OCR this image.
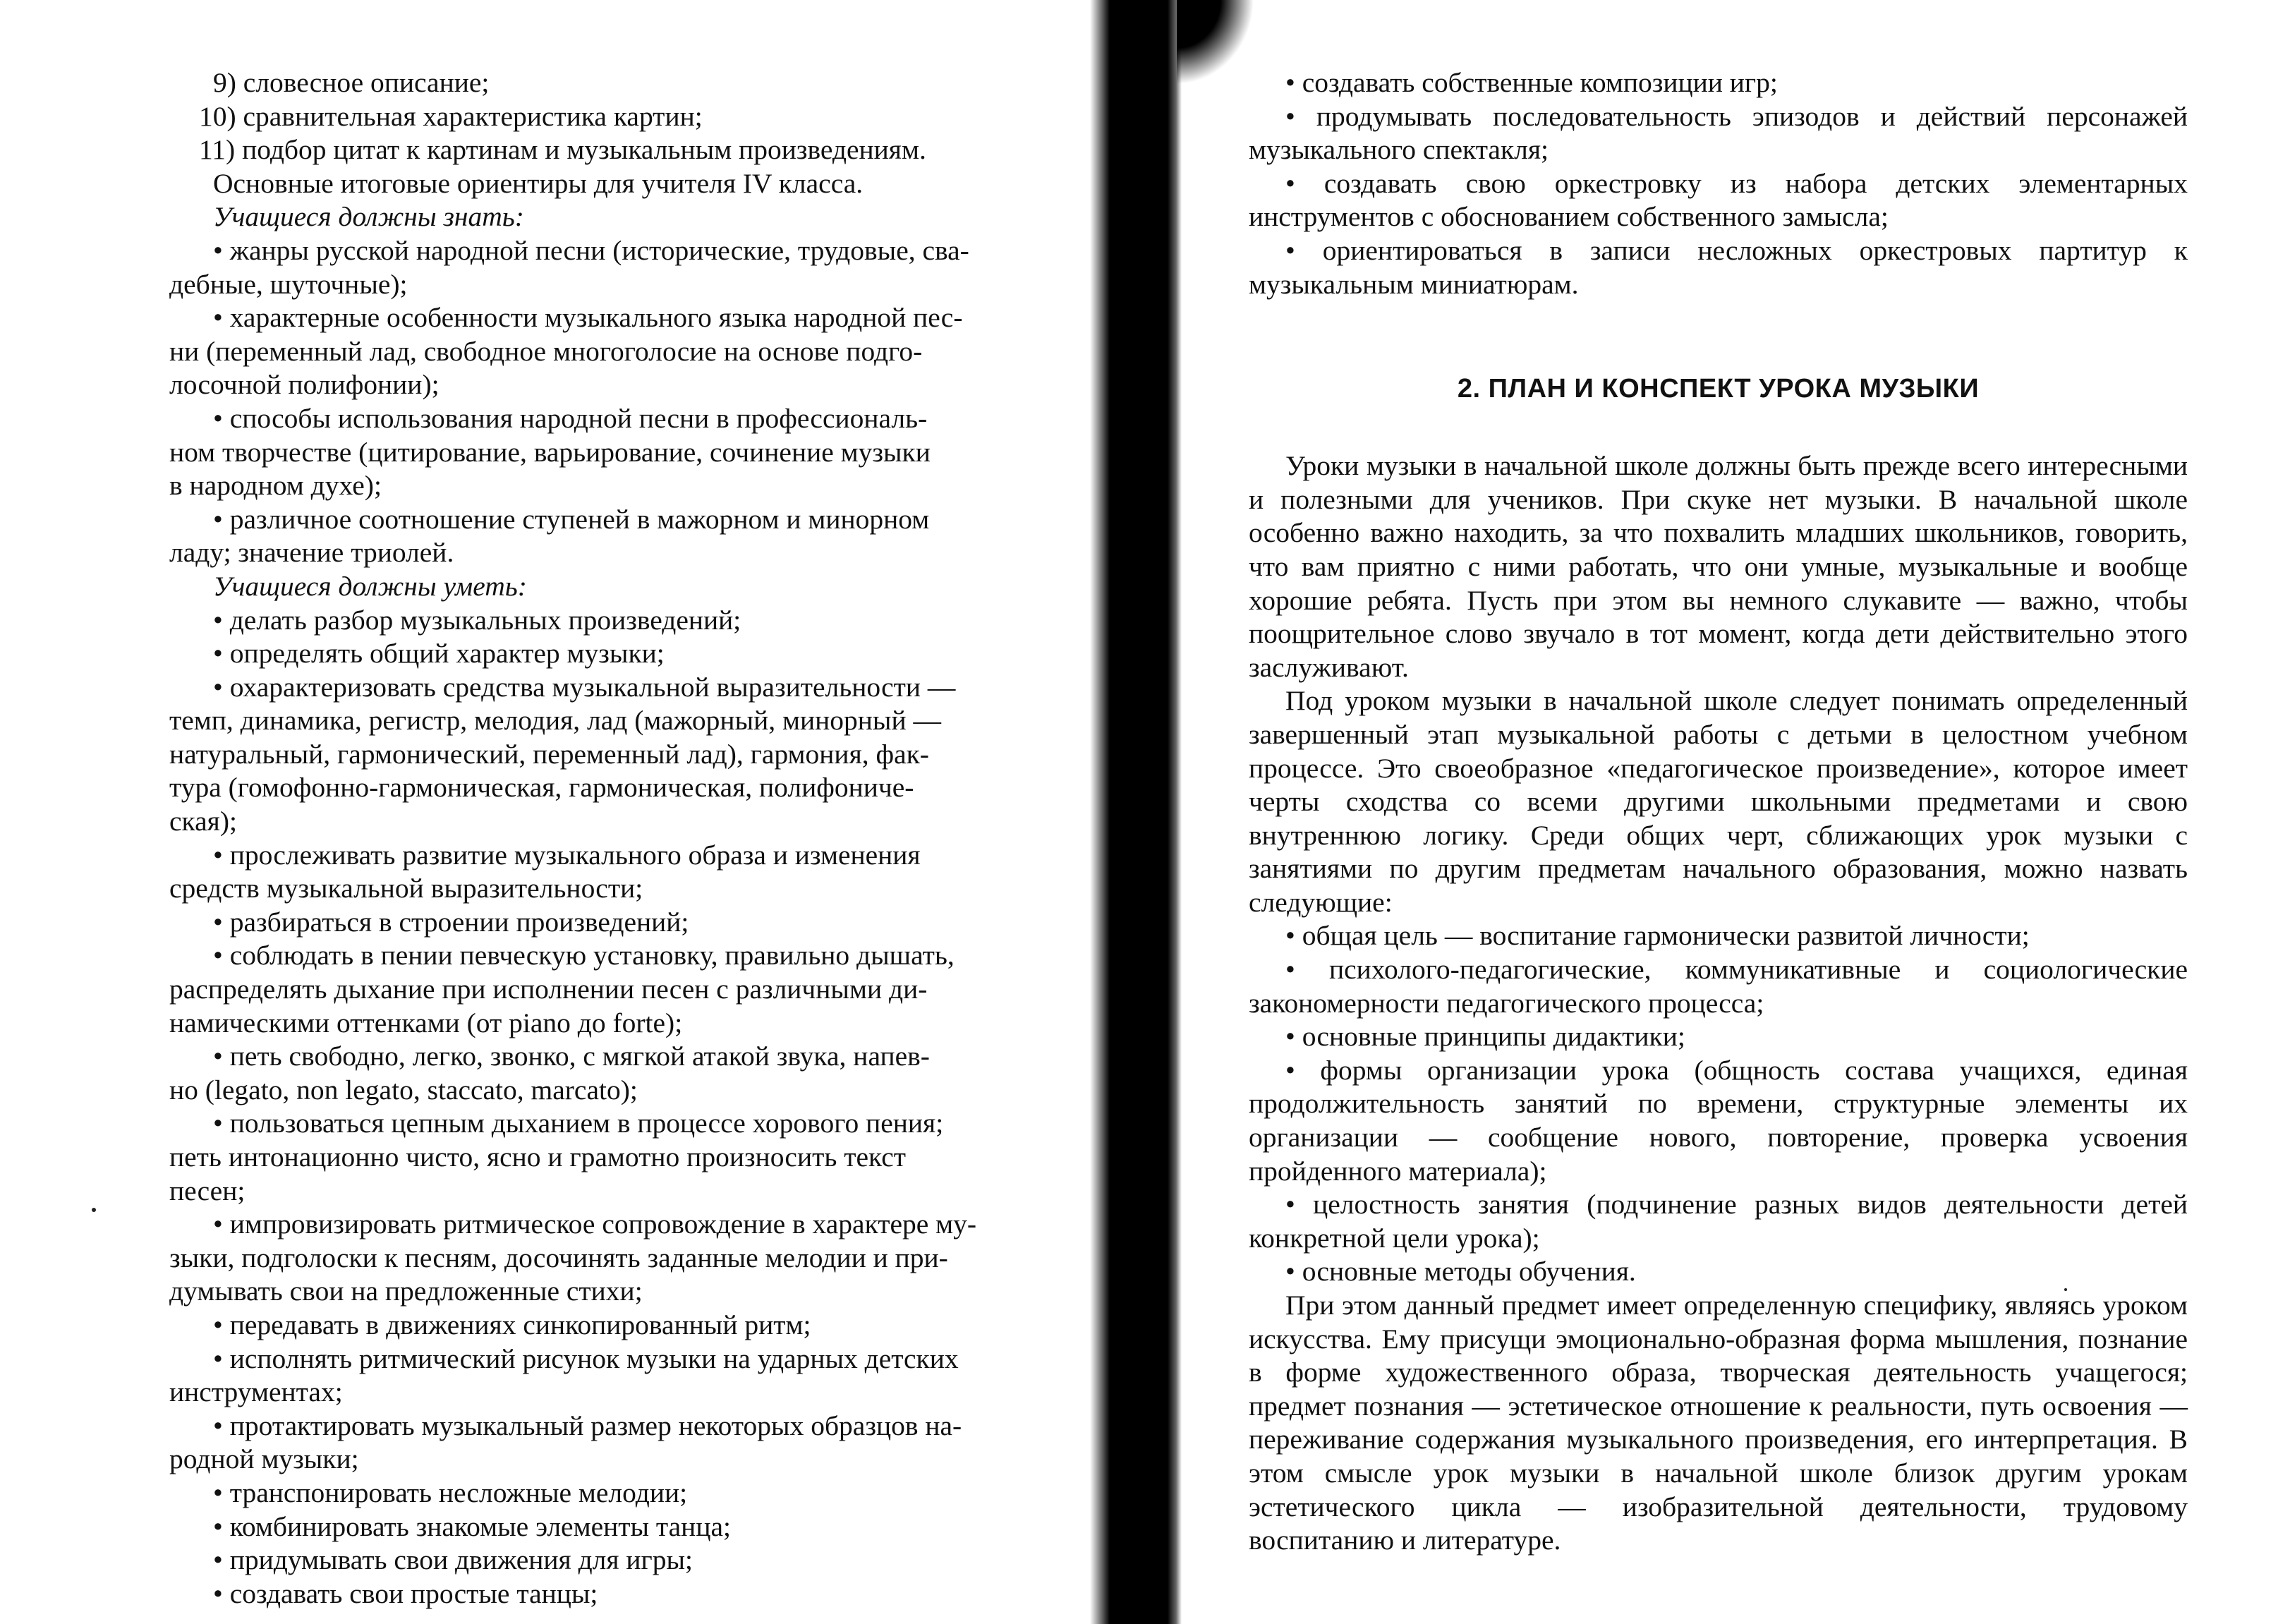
9) словесное описание;

10) сравнительная характеристика картин;

11) подбор цитат к картинам и музыкальным произведениям.

Основные итоговые ориентиры для учителя IV класса.

Учащиеся должны знать:

• жанры русской народной песни (исторические, трудовые, сва-

дебные, шуточные);

• характерные особенности музыкального языка народной пес-

ни (переменный лад, свободное многоголосие на основе подго-

лосочной полифонии);

• способы использования народной песни в профессиональ-

ном творчестве (цитирование, варьирование, сочинение музыки

в народном духе);

• различное соотношение ступеней в мажорном и минорном

ладу; значение триолей.

Учащиеся должны уметь:

• делать разбор музыкальных произведений;

• определять общий характер музыки;

• охарактеризовать средства музыкальной выразительности —

темп, динамика, регистр, мелодия, лад (мажорный, минорный —

натуральный, гармонический, переменный лад), гармония, фак-

тура (гомофонно-гармоническая, гармоническая, полифониче-

ская);

• прослеживать развитие музыкального образа и изменения

средств музыкальной выразительности;

• разбираться в строении произведений;

• соблюдать в пении певческую установку, правильно дышать,

распределять дыхание при исполнении песен с различными ди-

намическими оттенками (от piano до forte);

• петь свободно, легко, звонко, с мягкой атакой звука, напев-

но (legato, non legato, staccato, marcato);

• пользоваться цепным дыханием в процессе хорового пения;

петь интонационно чисто, ясно и грамотно произносить текст

песен;

• импровизировать ритмическое сопровождение в характере му-

зыки, подголоски к песням, досочинять заданные мелодии и при-

думывать свои на предложенные стихи;

• передавать в движениях синкопированный ритм;

• исполнять ритмический рисунок музыки на ударных детских

инструментах;

• протактировать музыкальный размер некоторых образцов на-

родной музыки;

• транспонировать несложные мелодии;

• комбинировать знакомые элементы танца;

• придумывать свои движения для игры;

• создавать свои простые танцы;

• создавать собственные композиции игр;

• продумывать последовательность эпизодов и действий персонажей музыкального спектакля;

• создавать свою оркестровку из набора детских элементарных инструментов с обоснованием собственного замысла;

• ориентироваться в записи несложных оркестровых партитур к музыкальным миниатюрам.

2. ПЛАН И КОНСПЕКТ УРОКА МУЗЫКИ

Уроки музыки в начальной школе должны быть прежде всего интересными и полезными для учеников. При скуке нет музыки. В начальной школе особенно важно находить, за что похвалить младших школьников, говорить, что вам приятно с ними работать, что они умные, музыкальные и вообще хорошие ребята. Пусть при этом вы немного слукавите — важно, чтобы поощрительное слово звучало в тот момент, когда дети действительно этого заслуживают.

Под уроком музыки в начальной школе следует понимать определенный завершенный этап музыкальной работы с детьми в целостном учебном процессе. Это своеобразное «педагогическое произведение», которое имеет черты сходства со всеми другими школьными предметами и свою внутреннюю логику. Среди общих черт, сближающих урок музыки с занятиями по другим предметам начального образования, можно назвать следующие:

• общая цель — воспитание гармонически развитой личности;

• психолого-педагогические, коммуникативные и социологические закономерности педагогического процесса;

• основные принципы дидактики;

• формы организации урока (общность состава учащихся, единая продолжительность занятий по времени, структурные элементы их организации — сообщение нового, повторение, проверка усвоения пройденного материала);

• целостность занятия (подчинение разных видов деятельности детей конкретной цели урока);

• основные методы обучения.

При этом данный предмет имеет определенную специфику, являясь уроком искусства. Ему присущи эмоционально-образная форма мышления, познание в форме художественного образа, творческая деятельность учащегося; предмет познания — эстетическое отношение к реальности, путь освоения — переживание содержания музыкального произведения, его интерпретация. В этом смысле урок музыки в начальной школе близок другим урокам эстетического цикла — изобразительной деятельности, трудовому воспитанию и литературе.
